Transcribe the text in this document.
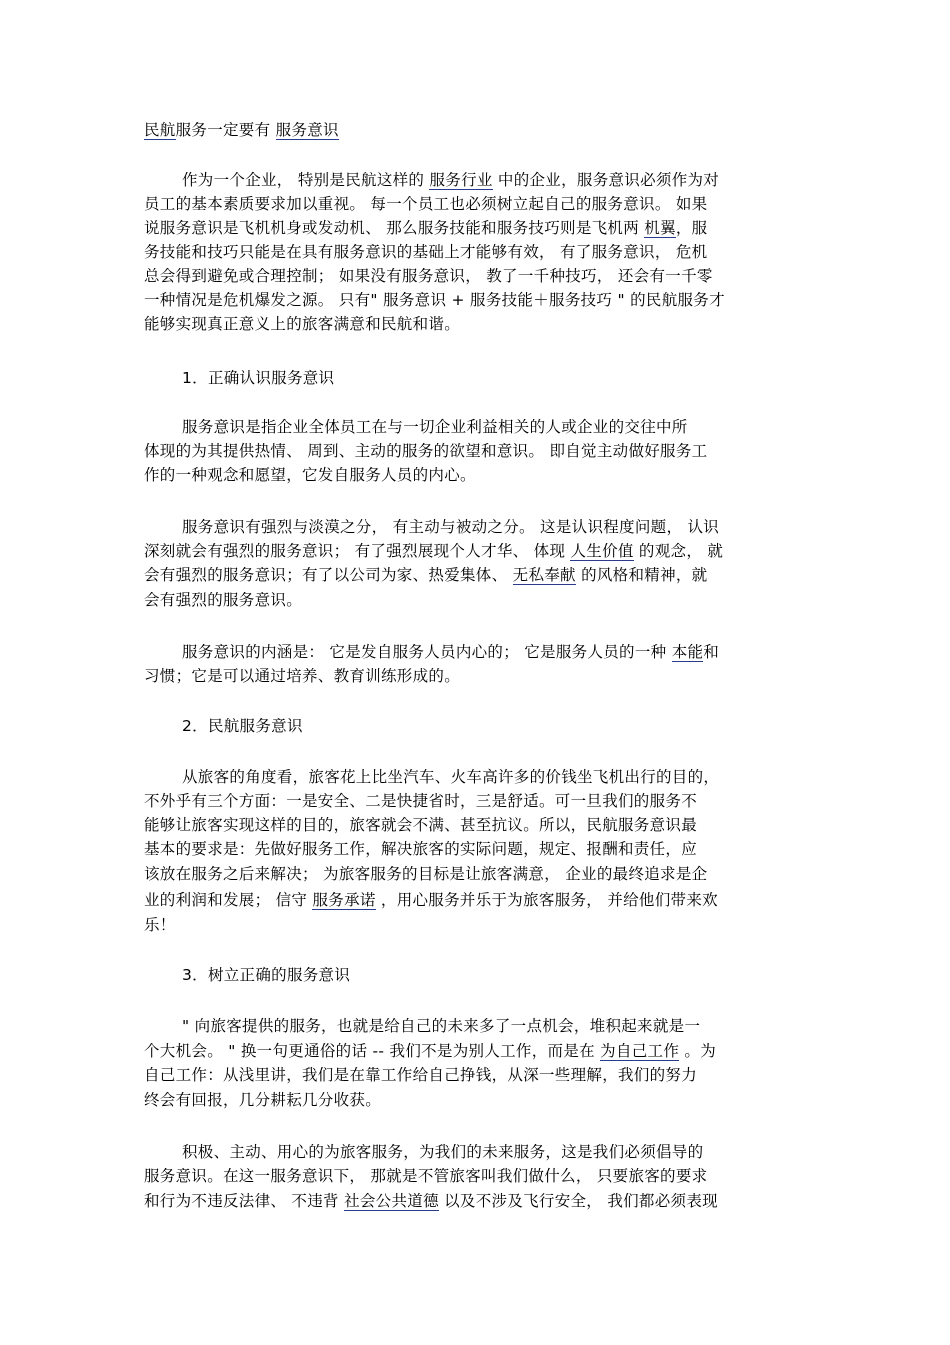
民航服务一定要有 服务意识
作为一个企业， 特别是民航这样的 服务行业 中的企业，服务意识必须作为对
员工的基本素质要求加以重视。 每一个员工也必须树立起自己的服务意识。 如果
说服务意识是飞机机身或发动机、 那么服务技能和服务技巧则是飞机两 机翼，服
务技能和技巧只能是在具有服务意识的基础上才能够有效， 有了服务意识， 危机
总会得到避免或合理控制； 如果没有服务意识， 教了一千种技巧， 还会有一千零
一种情况是危机爆发之源。 只有" 服务意识 + 服务技能＋服务技巧 " 的民航服务才
能够实现真正意义上的旅客满意和民航和谐。
1．正确认识服务意识
服务意识是指企业全体员工在与一切企业利益相关的人或企业的交往中所
体现的为其提供热情、 周到、主动的服务的欲望和意识。 即自觉主动做好服务工
作的一种观念和愿望，它发自服务人员的内心。
服务意识有强烈与淡漠之分， 有主动与被动之分。 这是认识程度问题， 认识
深刻就会有强烈的服务意识； 有了强烈展现个人才华、 体现 人生价值 的观念， 就
会有强烈的服务意识；有了以公司为家、热爱集体、 无私奉献 的风格和精神，就
会有强烈的服务意识。
服务意识的内涵是： 它是发自服务人员内心的； 它是服务人员的一种 本能和
习惯；它是可以通过培养、教育训练形成的。
2．民航服务意识
从旅客的角度看，旅客花上比坐汽车、火车高许多的价钱坐飞机出行的目的，
不外乎有三个方面：一是安全、二是快捷省时，三是舒适。可一旦我们的服务不
能够让旅客实现这样的目的，旅客就会不满、甚至抗议。所以，民航服务意识最
基本的要求是：先做好服务工作，解决旅客的实际问题，规定、报酬和责任，应
该放在服务之后来解决； 为旅客服务的目标是让旅客满意， 企业的最终追求是企
业的利润和发展； 信守 服务承诺 ，用心服务并乐于为旅客服务， 并给他们带来欢
乐！
3．树立正确的服务意识
" 向旅客提供的服务，也就是给自己的未来多了一点机会，堆积起来就是一
个大机会。 " 换一句更通俗的话 -- 我们不是为别人工作，而是在 为自己工作 。为
自己工作：从浅里讲，我们是在靠工作给自己挣钱，从深一些理解，我们的努力
终会有回报，几分耕耘几分收获。
积极、主动、用心的为旅客服务，为我们的未来服务，这是我们必须倡导的
服务意识。在这一服务意识下， 那就是不管旅客叫我们做什么， 只要旅客的要求
和行为不违反法律、 不违背 社会公共道德 以及不涉及飞行安全， 我们都必须表现
